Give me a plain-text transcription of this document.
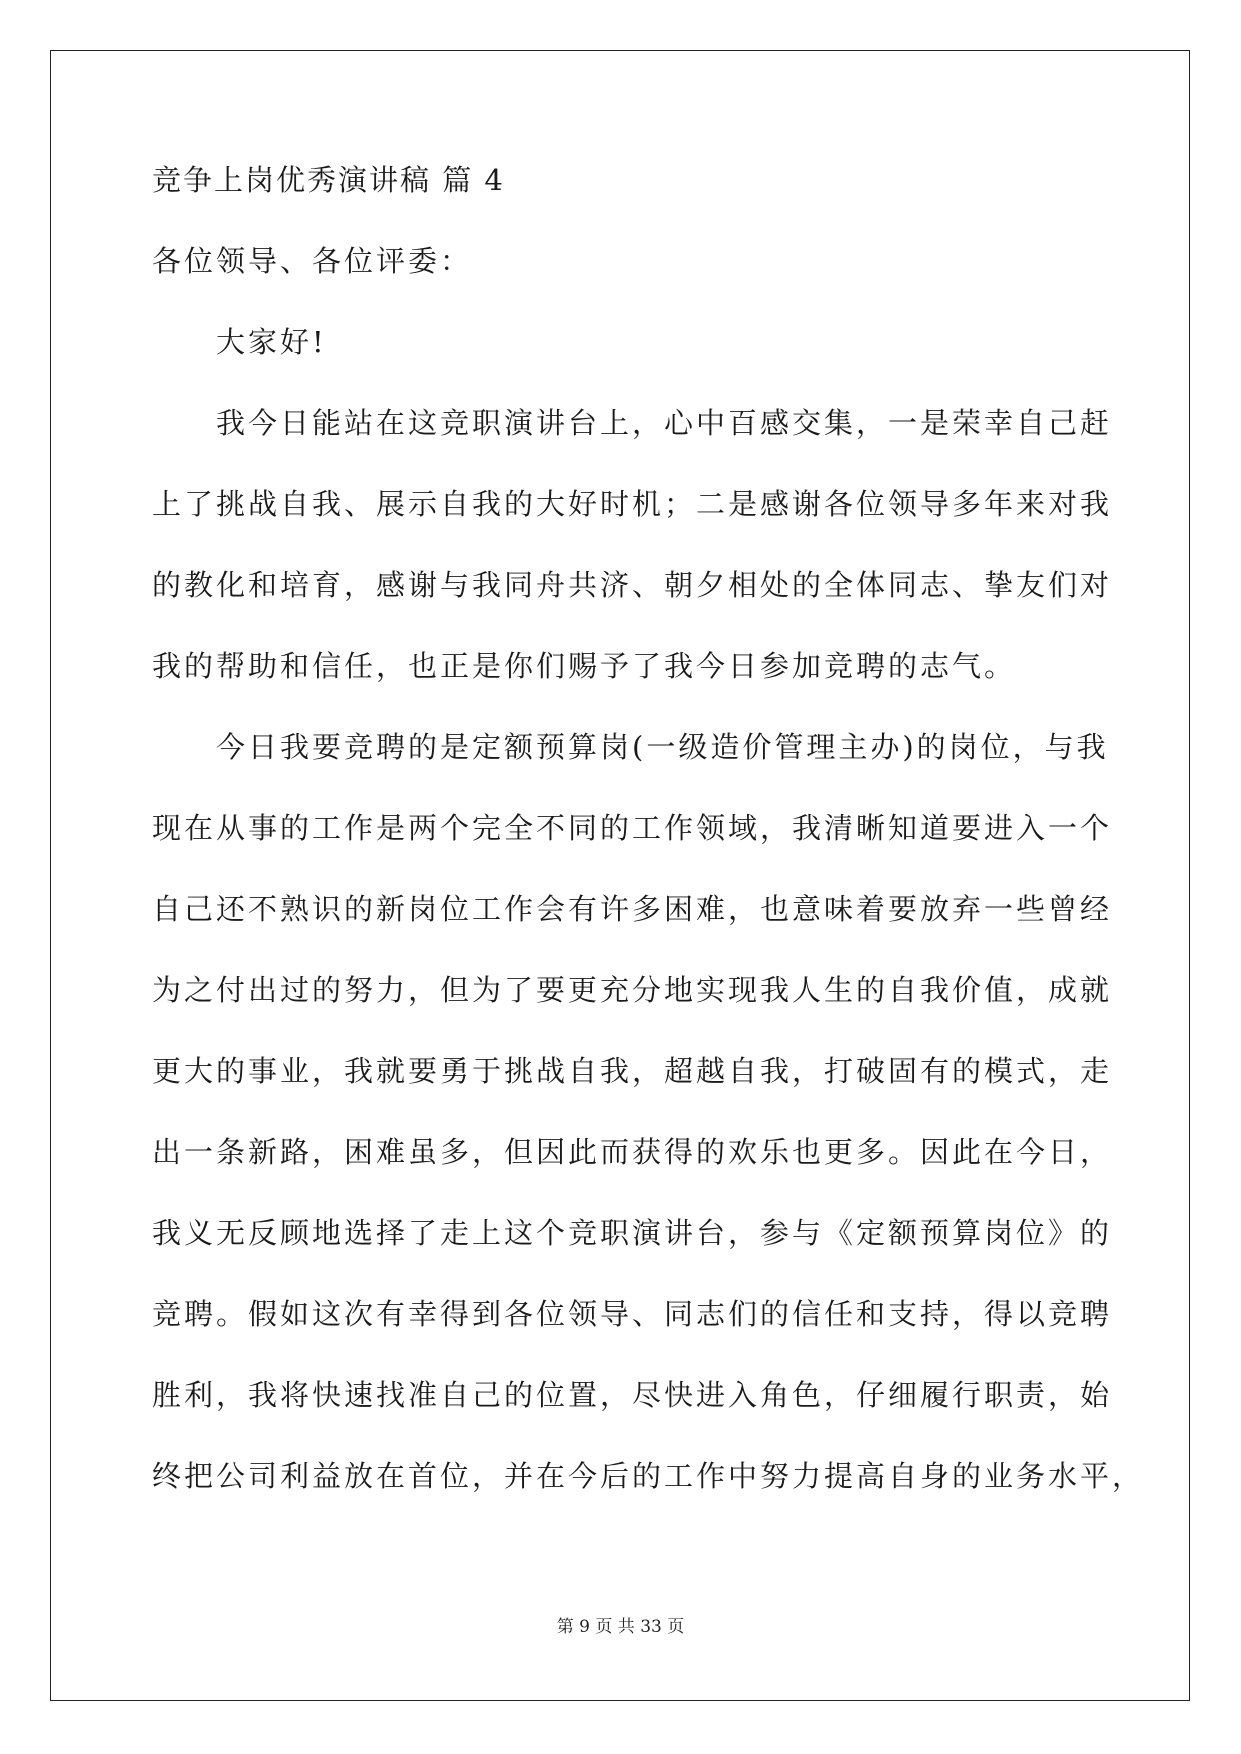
竞争上岗优秀演讲稿 篇 4
各位领导、各位评委：
大家好!
我今日能站在这竞职演讲台上，心中百感交集，一是荣幸自己赶
上了挑战自我、展示自我的大好时机；二是感谢各位领导多年来对我
的教化和培育，感谢与我同舟共济、朝夕相处的全体同志、挚友们对
我的帮助和信任，也正是你们赐予了我今日参加竞聘的志气。
今日我要竞聘的是定额预算岗(一级造价管理主办)的岗位，与我
现在从事的工作是两个完全不同的工作领域，我清晰知道要进入一个
自己还不熟识的新岗位工作会有许多困难，也意味着要放弃一些曾经
为之付出过的努力，但为了要更充分地实现我人生的自我价值，成就
更大的事业，我就要勇于挑战自我，超越自我，打破固有的模式，走
出一条新路，困难虽多，但因此而获得的欢乐也更多。因此在今日，
我义无反顾地选择了走上这个竞职演讲台，参与《定额预算岗位》的
竞聘。假如这次有幸得到各位领导、同志们的信任和支持，得以竞聘
胜利，我将快速找准自己的位置，尽快进入角色，仔细履行职责，始
终把公司利益放在首位，并在今后的工作中努力提高自身的业务水平，
第 9 页 共 33 页
